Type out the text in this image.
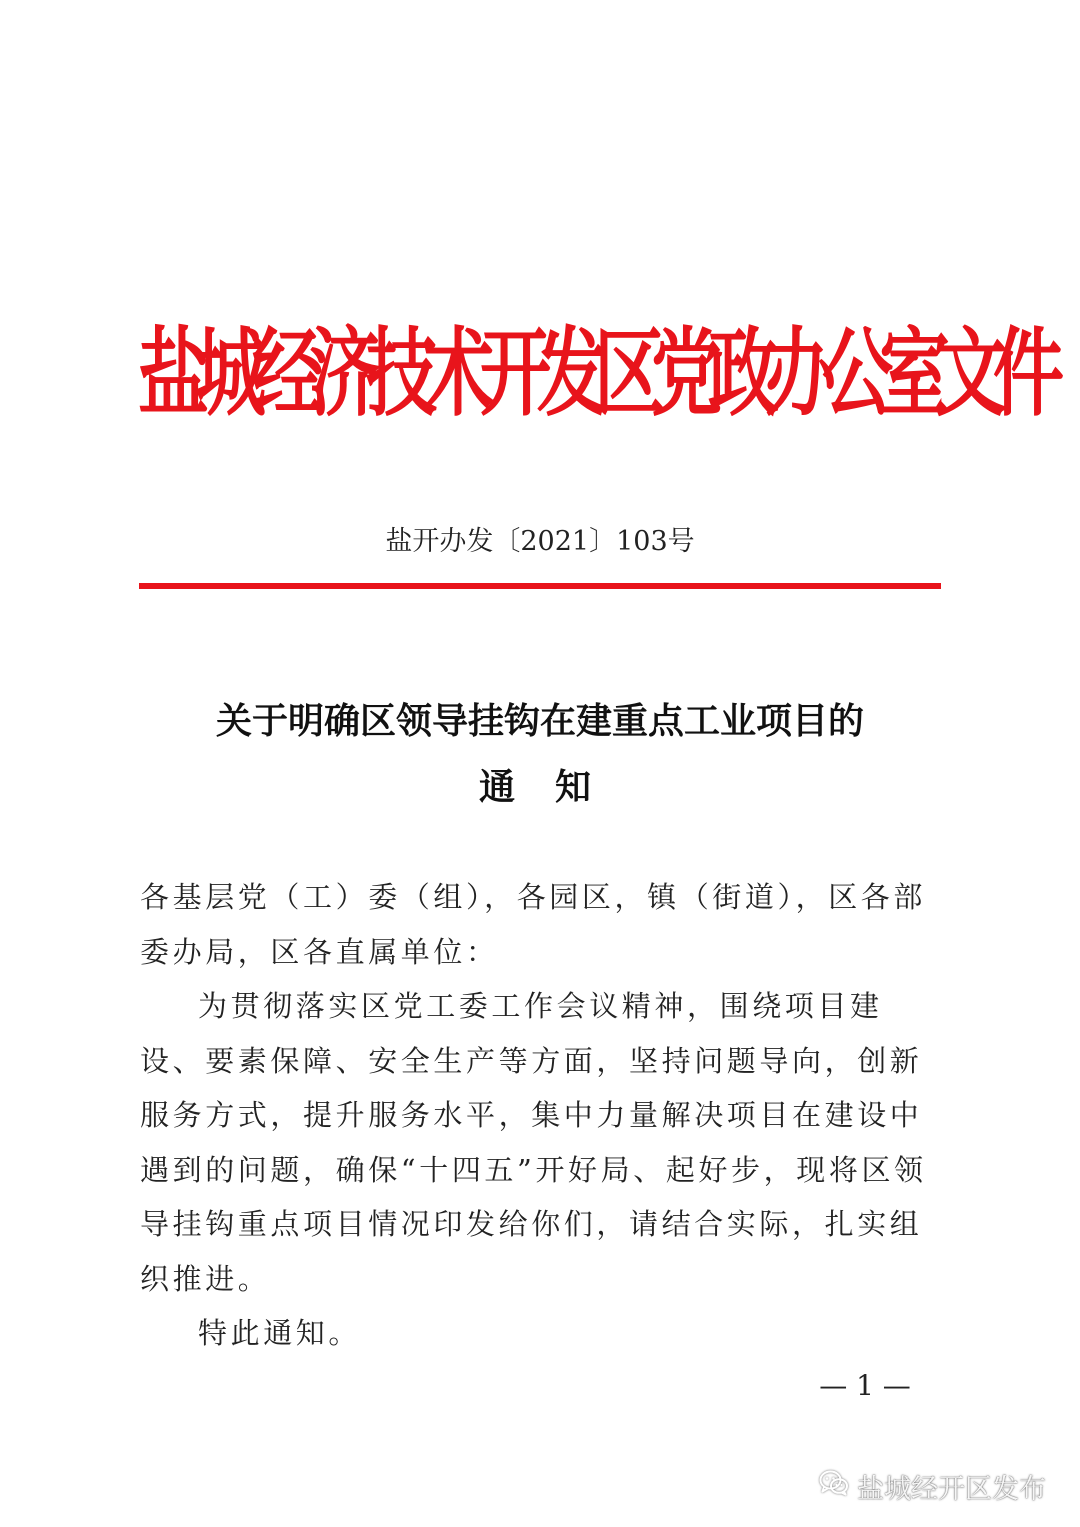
盐城经济技术开发区党政办公室文件
盐开办发〔2021〕103号
关于明确区领导挂钩在建重点工业项目的
通知

各基层党（工）委（组），各园区，镇（街道），区各部委办局，区各直属单位：

为贯彻落实区党工委工作会议精神，围绕项目建设、要素保障、安全生产等方面，坚持问题导向，创新服务方式，提升服务水平，集中力量解决项目在建设中遇到的问题，确保“十四五”开好局、起好步，现将区领导挂钩重点项目情况印发给你们，请结合实际，扎实组织推进。

特此通知。

— 1 —
盐城经开区发布
